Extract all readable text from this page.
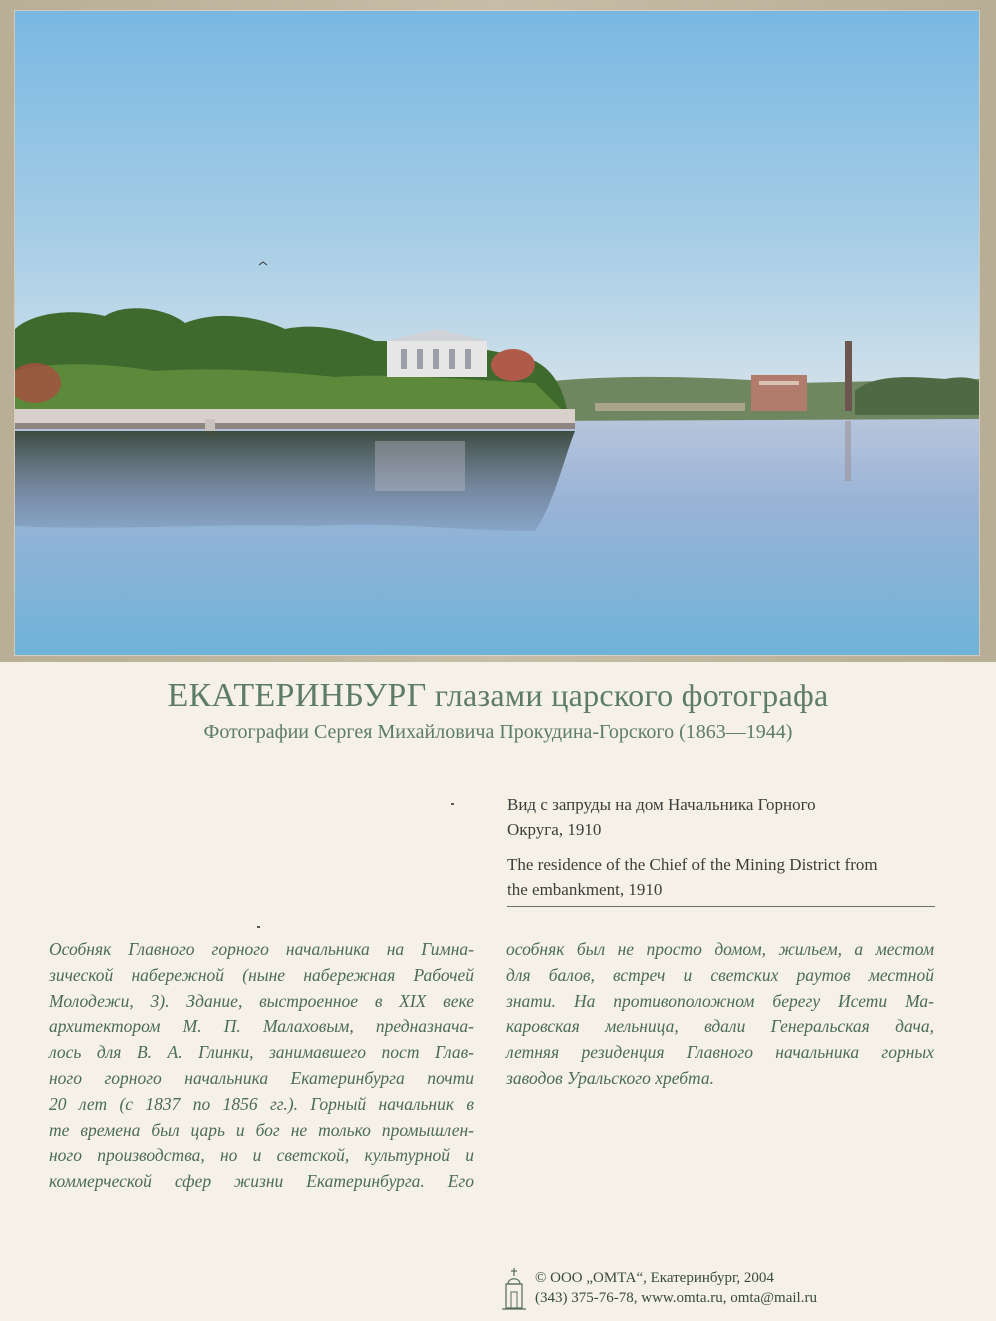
ЕКАТЕРИНБУРГ глазами царского фотографа
Фотографии Сергея Михайловича Прокудина-Горского (1863—1944)
Вид с запруды на дом Начальника Горного
Округа, 1910
The residence of the Chief of the Mining District from
the embankment, 1910
Особняк Главного горного начальника на Гимна-
зической набережной (ныне набережная Рабочей
Молодежи, 3). Здание, выстроенное в XIX веке
архитектором М. П. Малаховым, предназнача-
лось для В. А. Глинки, занимавшего пост Глав-
ного горного начальника Екатеринбурга почти
20 лет (с 1837 по 1856 гг.). Горный начальник в
те времена был царь и бог не только промышлен-
ного производства, но и светской, культурной и
коммерческой сфер жизни Екатеринбурга. Его
особняк был не просто домом, жильем, а местом
для балов, встреч и светских раутов местной
знати. На противоположном берегу Исети Ма-
каровская мельница, вдали Генеральская дача,
летняя резиденция Главного начальника горных
заводов Уральского хребта.
© ООО „ОМТА“, Екатеринбург, 2004
(343) 375-76-78, www.omta.ru, omta@mail.ru
